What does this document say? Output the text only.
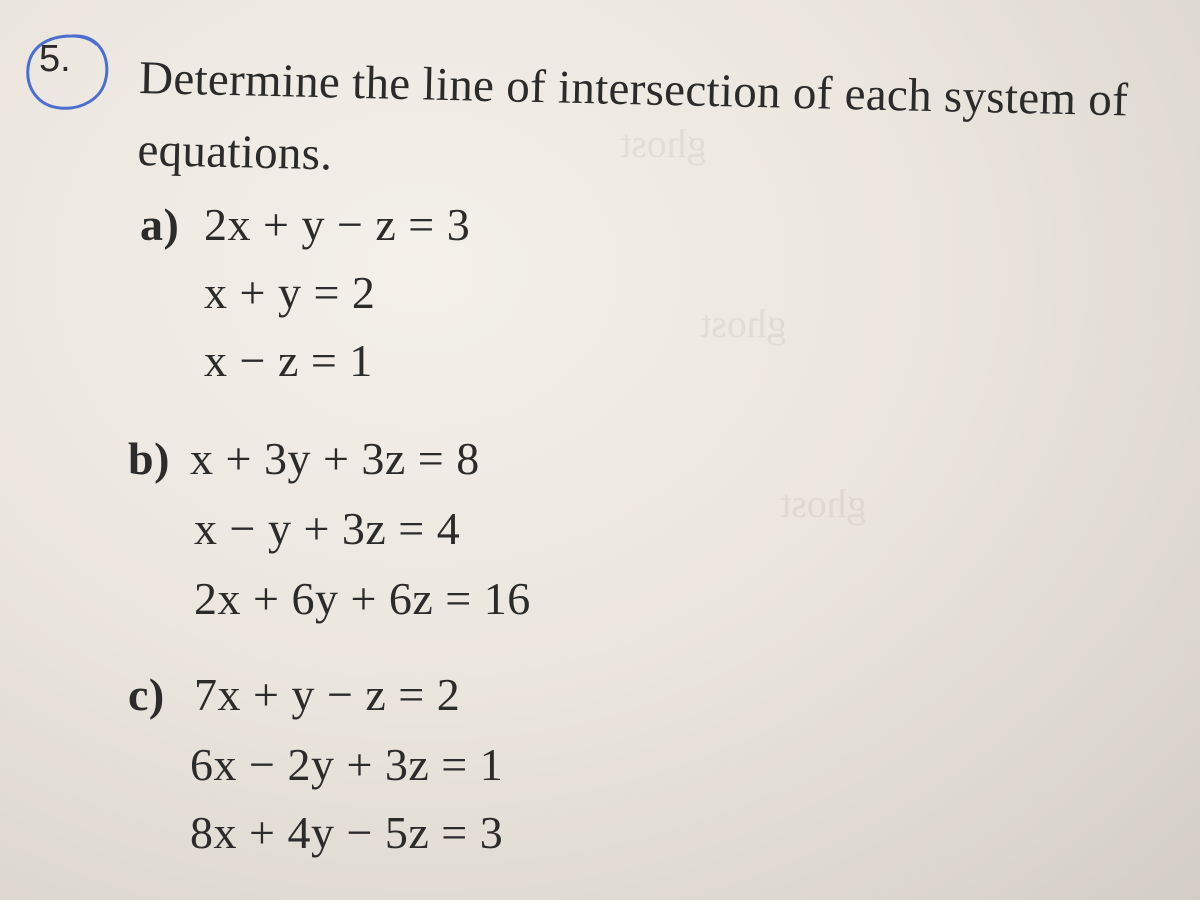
ghost
ghost
ghost
5. Determine the line of intersection of each system of equations.
a) 2x + y − z = 3
x + y = 2
x − z = 1
b) x + 3y + 3z = 8
x − y + 3z = 4
2x + 6y + 6z = 16
c) 7x + y − z = 2
6x − 2y + 3z = 1
8x + 4y − 5z = 3
